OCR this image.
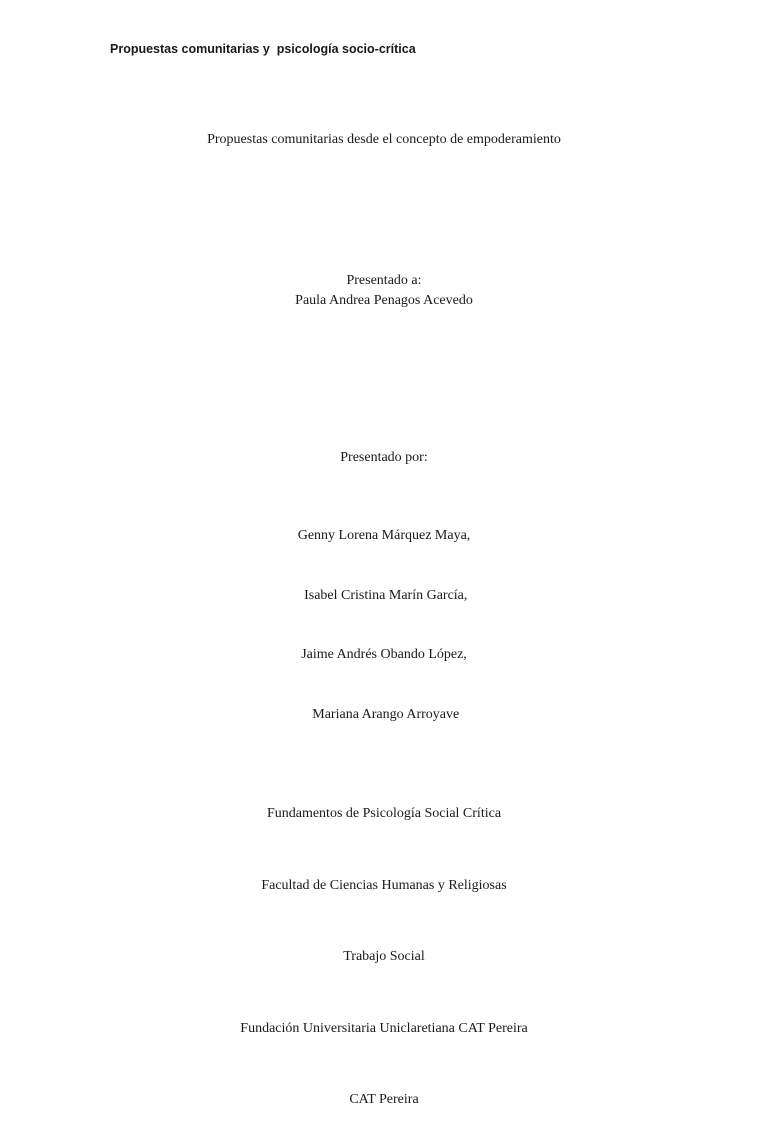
Propuestas comunitarias y  psicología socio-crítica
Propuestas comunitarias desde el concepto de empoderamiento
Presentado a:
Paula Andrea Penagos Acevedo
Presentado por:

Genny Lorena Márquez Maya,

Isabel Cristina Marín García,

Jaime Andrés Obando López,

Mariana Arango Arroyave

Fundamentos de Psicología Social Crítica

Facultad de Ciencias Humanas y Religiosas

Trabajo Social

Fundación Universitaria Uniclaretiana CAT Pereira

CAT Pereira
